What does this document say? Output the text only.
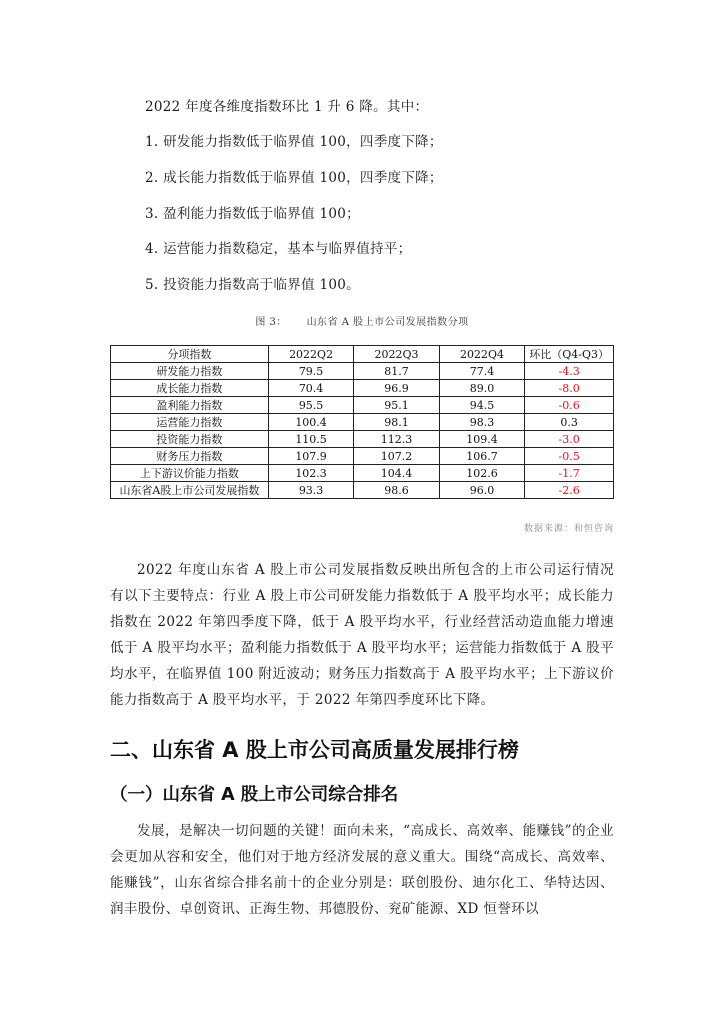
2022 年度各维度指数环比 1 升 6 降。其中：
1. 研发能力指数低于临界值 100，四季度下降；
2. 成长能力指数低于临界值 100，四季度下降；
3. 盈利能力指数低于临界值 100；
4. 运营能力指数稳定，基本与临界值持平；
5. 投资能力指数高于临界值 100。
图 3： 山东省 A 股上市公司发展指数分项
分项指数	2022Q2	2022Q3	2022Q4	环比（Q4-Q3）
研发能力指数	79.5	81.7	77.4	-4.3
成长能力指数	70.4	96.9	89.0	-8.0
盈利能力指数	95.5	95.1	94.5	-0.6
运营能力指数	100.4	98.1	98.3	0.3
投资能力指数	110.5	112.3	109.4	-3.0
财务压力指数	107.9	107.2	106.7	-0.5
上下游议价能力指数	102.3	104.4	102.6	-1.7
山东省A股上市公司发展指数	93.3	98.6	96.0	-2.6
数据来源：和恒咨询
2022 年度山东省 A 股上市公司发展指数反映出所包含的上市公司运行情况有以下主要特点：行业 A 股上市公司研发能力指数低于 A 股平均水平；成长能力指数在 2022 年第四季度下降，低于 A 股平均水平，行业经营活动造血能力增速低于 A 股平均水平；盈利能力指数低于 A 股平均水平；运营能力指数低于 A 股平均水平，在临界值 100 附近波动；财务压力指数高于 A 股平均水平；上下游议价能力指数高于 A 股平均水平，于 2022 年第四季度环比下降。
二、山东省 A 股上市公司高质量发展排行榜
（一）山东省 A 股上市公司综合排名
发展，是解决一切问题的关键！面向未来，“高成长、高效率、能赚钱”的企业会更加从容和安全，他们对于地方经济发展的意义重大。围绕“高成长、高效率、能赚钱”，山东省综合排名前十的企业分别是：联创股份、迪尔化工、华特达因、润丰股份、卓创资讯、正海生物、邦德股份、兖矿能源、XD 恒誉环以
